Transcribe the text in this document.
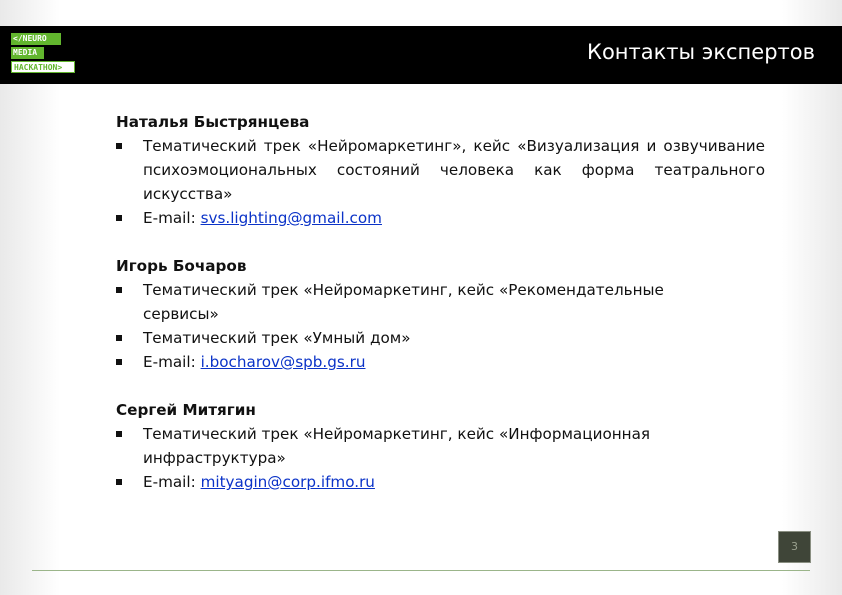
</NEURO
MEDIA
HACKATHON>
Контакты экспертов
Наталья Быстрянцева
Тематический трек «Нейромаркетинг», кейс «Визуализация и озвучивание психоэмоциональных состояний человека как форма театрального искусства»
E-mail: svs.lighting@gmail.com
Игорь Бочаров
Тематический трек «Нейромаркетинг, кейс «Рекомендательные сервисы»
Тематический трек «Умный дом»
E-mail: i.bocharov@spb.gs.ru
Сергей Митягин
Тематический трек «Нейромаркетинг, кейс «Информационная инфраструктура»
E-mail: mityagin@corp.ifmo.ru
3
